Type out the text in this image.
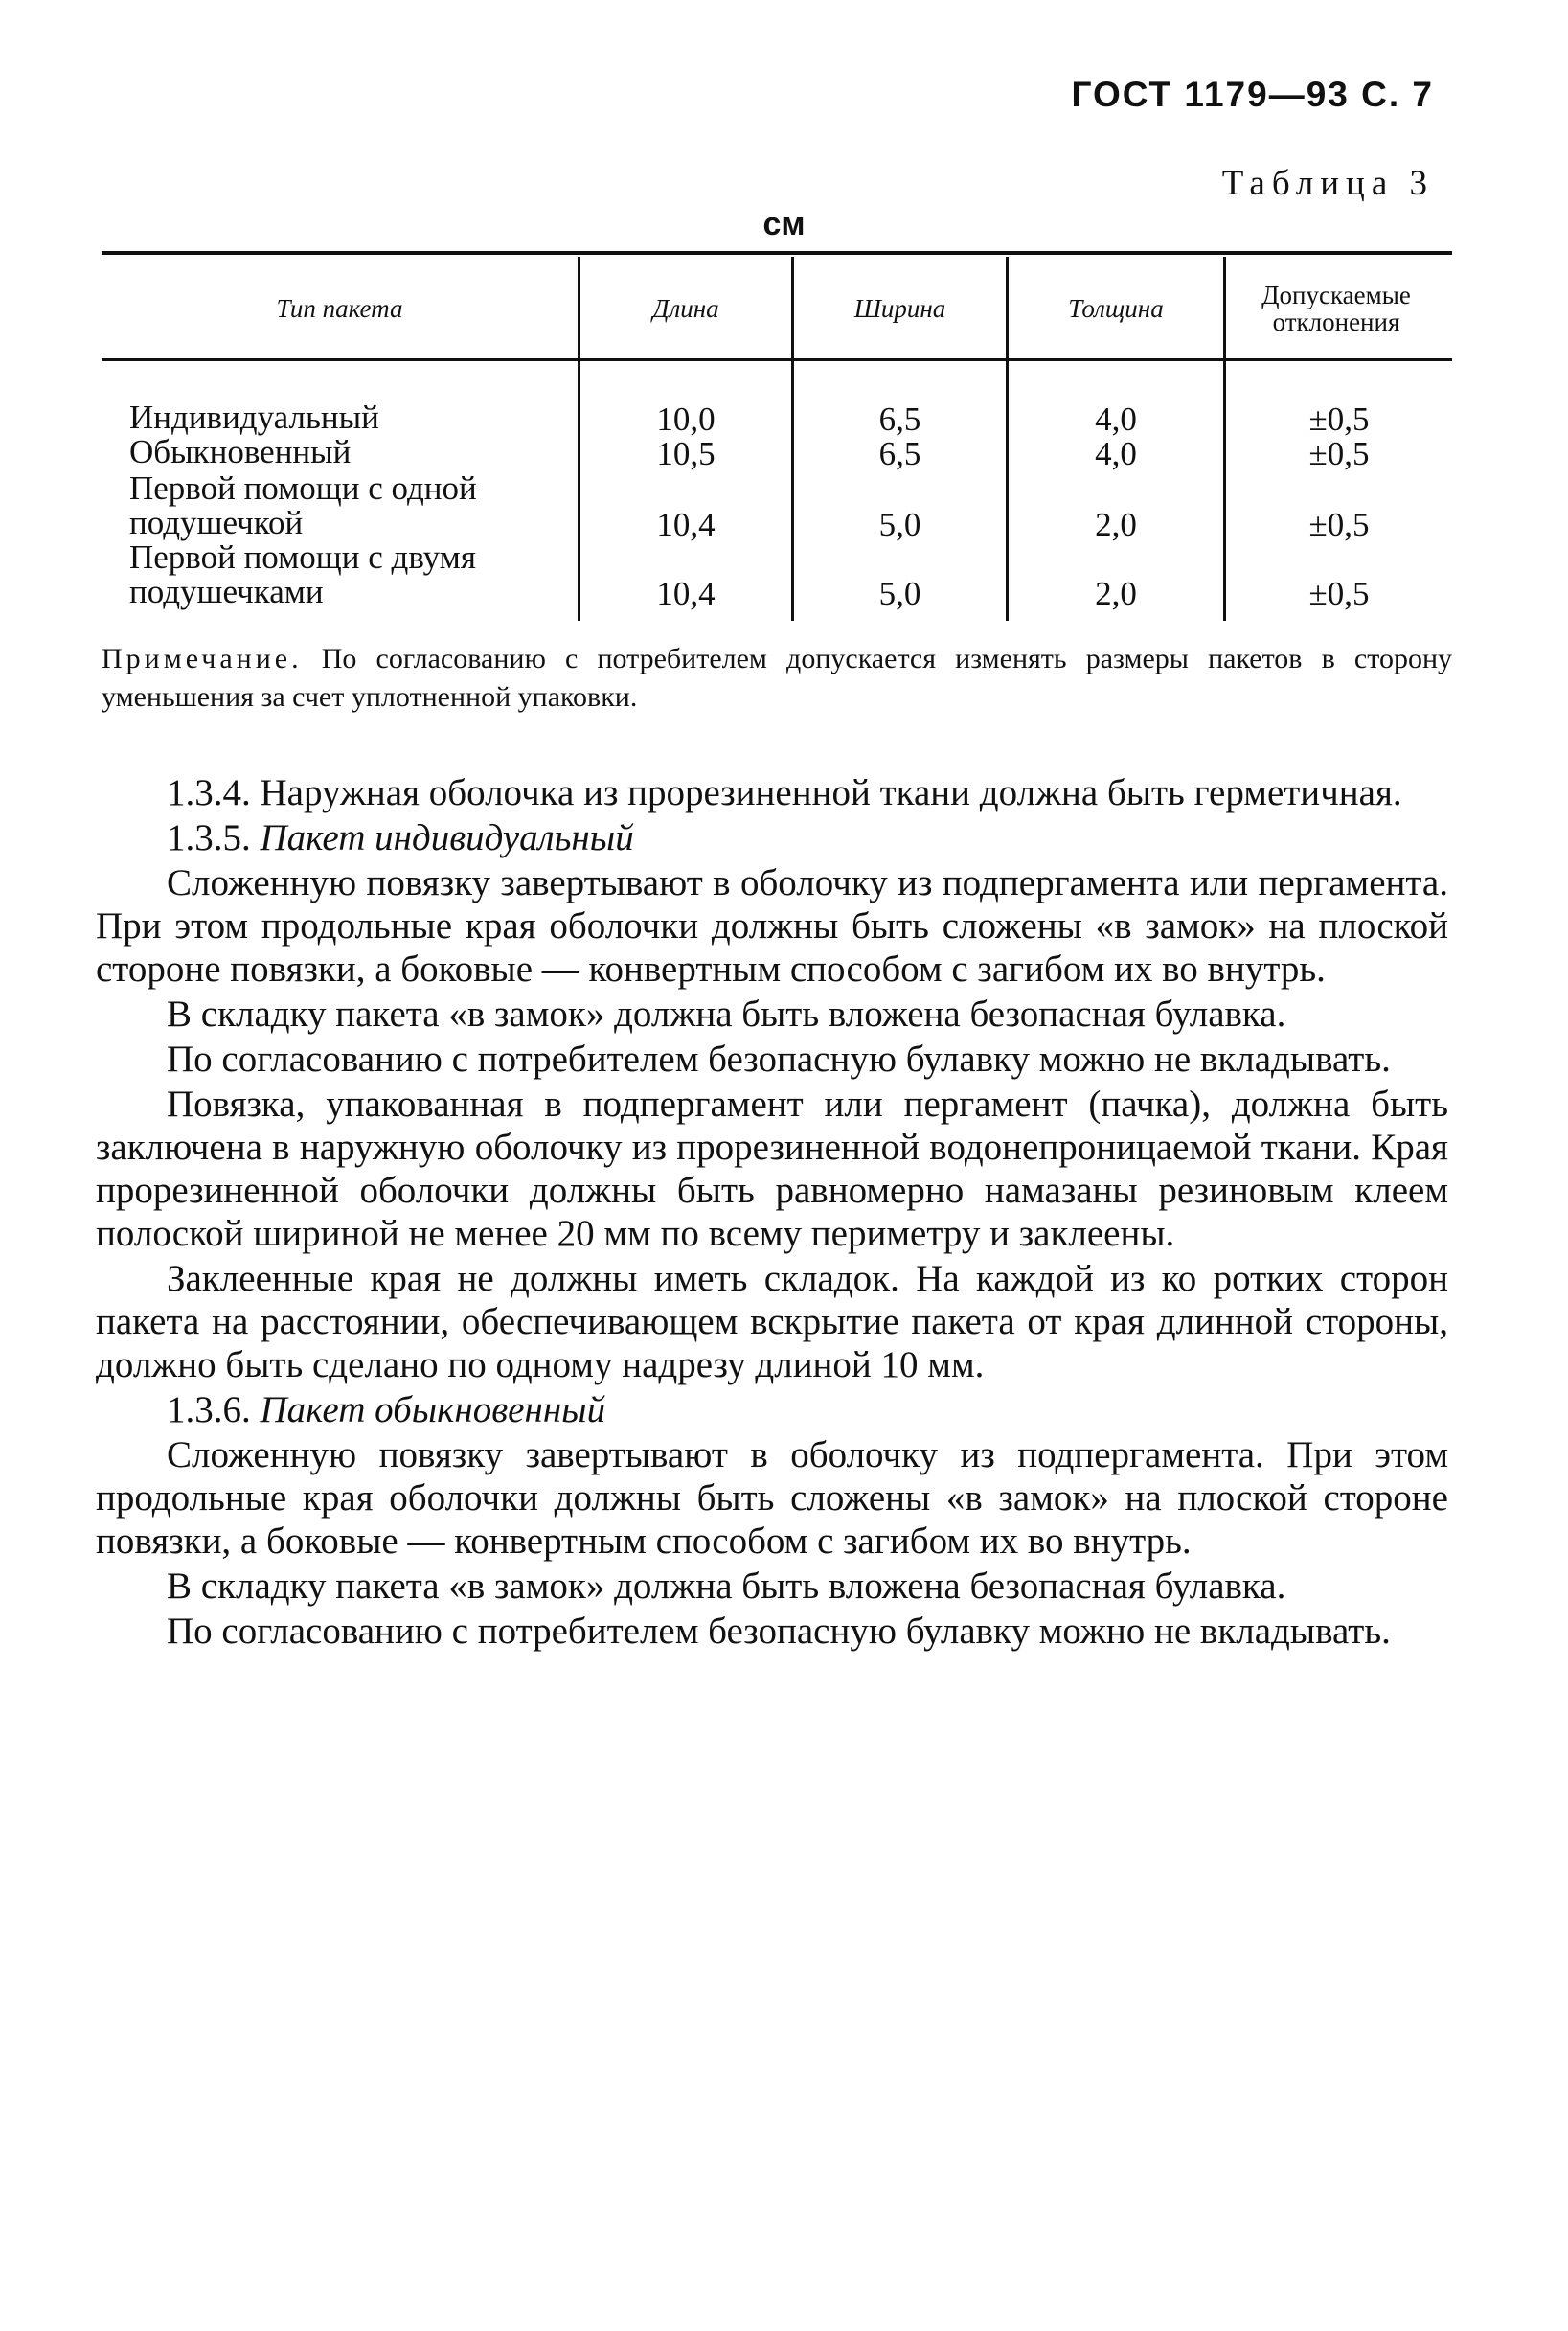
ГОСТ 1179—93 С. 7
Таблица 3
см
Тип пакета	Длина	Ширина	Толщина	Допускаемые отклонения
Индивидуальный	10,0	6,5	4,0	±0,5
Обыкновенный	10,5	6,5	4,0	±0,5
Первой помощи с одной
подушечкой	10,4	5,0	2,0	±0,5
Первой помощи с двумя
подушечками	10,4	5,0	2,0	±0,5
Примечание. По согласованию с потребителем допускается изменять размеры пакетов в сторону уменьшения за счет уплотненной упаковки.

1.3.4. Наружная оболочка из прорезиненной ткани должна быть герметичная.

1.3.5. Пакет индивидуальный

Сложенную повязку завертывают в оболочку из подпергамента или пергамента. При этом продольные края оболочки должны быть сложены «в замок» на плоской стороне повязки, а боковые — конвертным способом с загибом их во внутрь.

В складку пакета «в замок» должна быть вложена безопасная булавка.

По согласованию с потребителем безопасную булавку можно не вкладывать.

Повязка, упакованная в подпергамент или пергамент (пачка), должна быть заключена в наружную оболочку из прорезиненной водонепроницаемой ткани. Края прорезиненной оболочки должны быть равномерно намазаны резиновым клеем полоской шириной не менее 20 мм по всему периметру и заклеены.

Заклеенные края не должны иметь складок. На каждой из ко ротких сторон пакета на расстоянии, обеспечивающем вскрытие пакета от края длинной стороны, должно быть сделано по одному надрезу длиной 10 мм.

1.3.6. Пакет обыкновенный

Сложенную повязку завертывают в оболочку из подпергамента. При этом продольные края оболочки должны быть сложены «в замок» на плоской стороне повязки, а боковые — конвертным способом с загибом их во внутрь.

В складку пакета «в замок» должна быть вложена безопасная булавка.

По согласованию с потребителем безопасную булавку можно не вкладывать.
